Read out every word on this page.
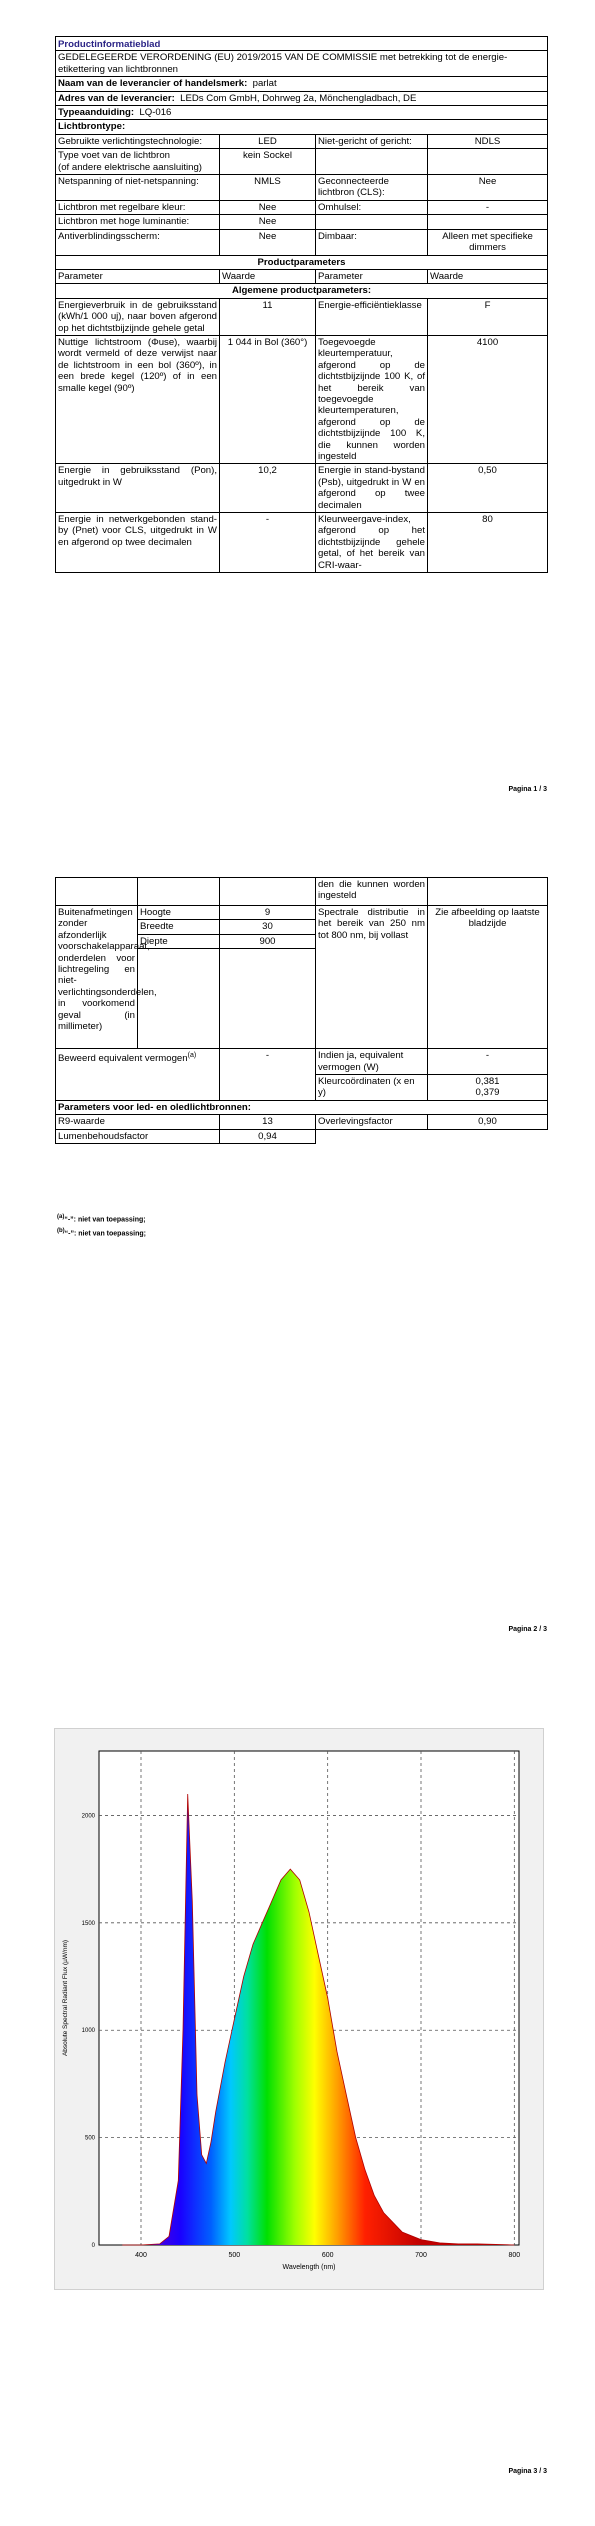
Productinformatieblad			
GEDELEGEERDE VERORDENING (EU) 2019/2015 VAN DE COMMISSIE met betrekking tot de energie-etikettering van lichtbronnen			
Naam van de leverancier of handelsmerk: parlat			
Adres van de leverancier: LEDs Com GmbH, Dohrweg 2a, Mönchengladbach, DE			
Typeaanduiding: LQ-016			
Lichtbrontype:			
Gebruikte verlichtingstechnologie:	LED	Niet-gericht of gericht:	NDLS
Type voet van de lichtbron
(of andere elektrische aansluiting)	kein Sockel		
Netspanning of niet-netspanning:	NMLS	Geconnecteerde lichtbron (CLS):	Nee
Lichtbron met regelbare kleur:	Nee	Omhulsel:	-
Lichtbron met hoge luminantie:	Nee		
Antiverblindingsscherm:	Nee	Dimbaar:	Alleen met specifieke dimmers
Productparameters			
Parameter	Waarde	Parameter	Waarde
Algemene productparameters:			
Energieverbruik in de gebruiksstand (kWh/1 000 uj), naar boven afgerond op het dichtstbijzijnde gehele getal	11	Energie-efficiëntieklasse	F
Nuttige lichtstroom (Φuse), waarbij wordt vermeld of deze verwijst naar de lichtstroom in een bol (360º), in een brede kegel (120º) of in een smalle kegel (90º)	1 044 in Bol (360°)	Toegevoegde kleurtemperatuur, afgerond op de dichtstbijzijnde 100 K, of het bereik van toegevoegde kleurtemperaturen, afgerond op de dichtstbijzijnde 100 K, die kunnen worden ingesteld	4100
Energie in gebruiksstand (Pon), uitgedrukt in W	10,2	Energie in stand-bystand (Psb), uitgedrukt in W en afgerond op twee decimalen	0,50
Energie in netwerkgebonden stand-by (Pnet) voor CLS, uitgedrukt in W en afgerond op twee decimalen	-	Kleurweergave-index, afgerond op het dichtstbijzijnde gehele getal, of het bereik van CRI-waar-	80
Pagina 1 / 3
			den die kunnen worden ingesteld	
Buitenafmetingen zonder afzonderlijk voorschakelapparaat, onderdelen voor lichtregeling en niet-verlichtingsonderdelen, in voorkomend geval (in millimeter)	Hoogte	9	Spectrale distributie in het bereik van 250 nm tot 800 nm, bij vollast	Zie afbeelding op laatste bladzijde
	Breedte	30		
	Diepte	900		

Beweerd equivalent vermogen$^{(a)}$		-	Indien ja, equivalent vermogen (W)	-
			Kleurcoördinaten (x en y)	0,381
0,379
Parameters voor led- en oledlichtbronnen:				
R9-waarde		13	Overlevingsfactor	0,90
Lumenbehoudsfactor		0,94		
(a)“-”: niet van toepassing;
(b)“-”: niet van toepassing;
Pagina 2 / 3
400	500	600	700	800
0
500
1000
1500
2000
Wavelength (nm)
Absolute Spectral Radiant Flux (µW/nm)
Pagina 3 / 3
